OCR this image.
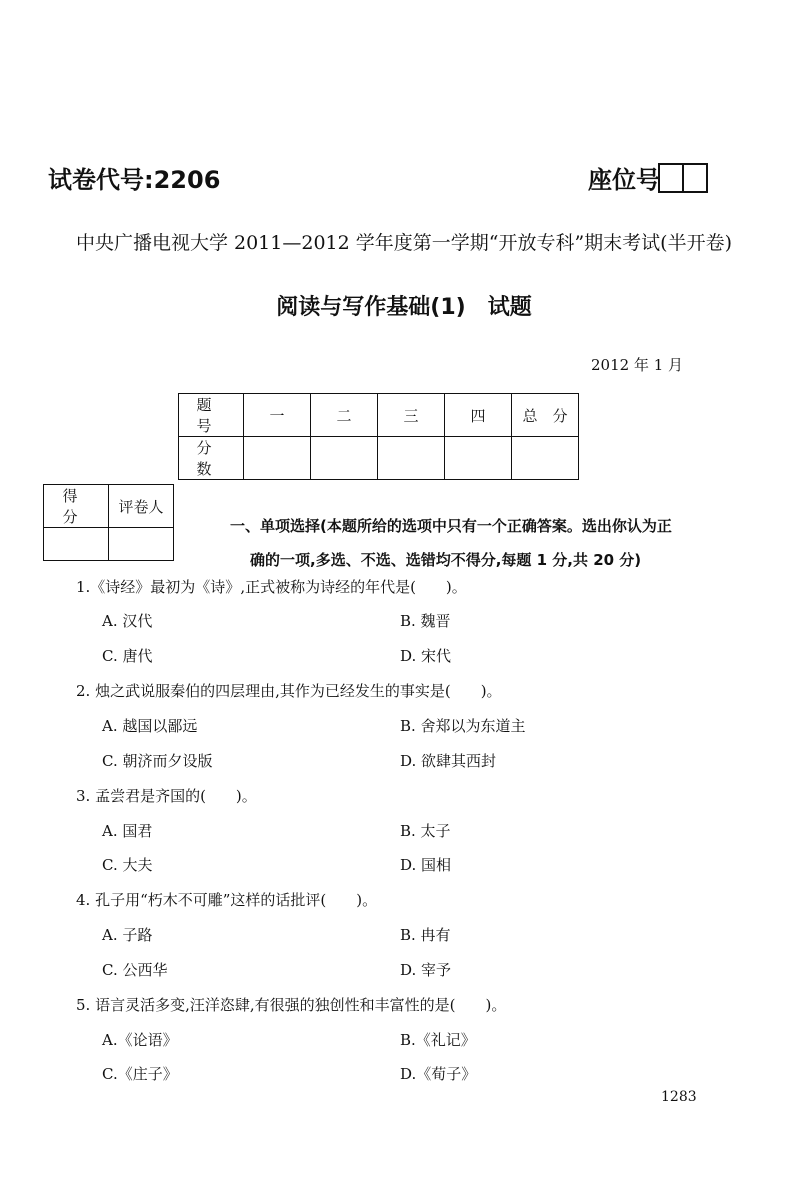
试卷代号:2206	座位号
中央广播电视大学 2011—2012 学年度第一学期“开放专科”期末考试(半开卷)
阅读与写作基础(1)　试题
2012 年 1 月
题　号	一	二	三	四	总　分
分　数					
得　分	评卷人

一、单项选择(本题所给的选项中只有一个正确答案。选出你认为正
确的一项,多选、不选、选错均不得分,每题 1 分,共 20 分)
1.《诗经》最初为《诗》,正式被称为诗经的年代是(　　)。
A. 汉代	B. 魏晋
C. 唐代	D. 宋代
2. 烛之武说服秦伯的四层理由,其作为已经发生的事实是(　　)。
A. 越国以鄙远	B. 舍郑以为东道主
C. 朝济而夕设版	D. 欲肆其西封
3. 孟尝君是齐国的(　　)。
A. 国君	B. 太子
C. 大夫	D. 国相
4. 孔子用“朽木不可雕”这样的话批评(　　)。
A. 子路	B. 冉有
C. 公西华	D. 宰予
5. 语言灵活多变,汪洋恣肆,有很强的独创性和丰富性的是(　　)。
A.《论语》	B.《礼记》
C.《庄子》	D.《荀子》
1283
